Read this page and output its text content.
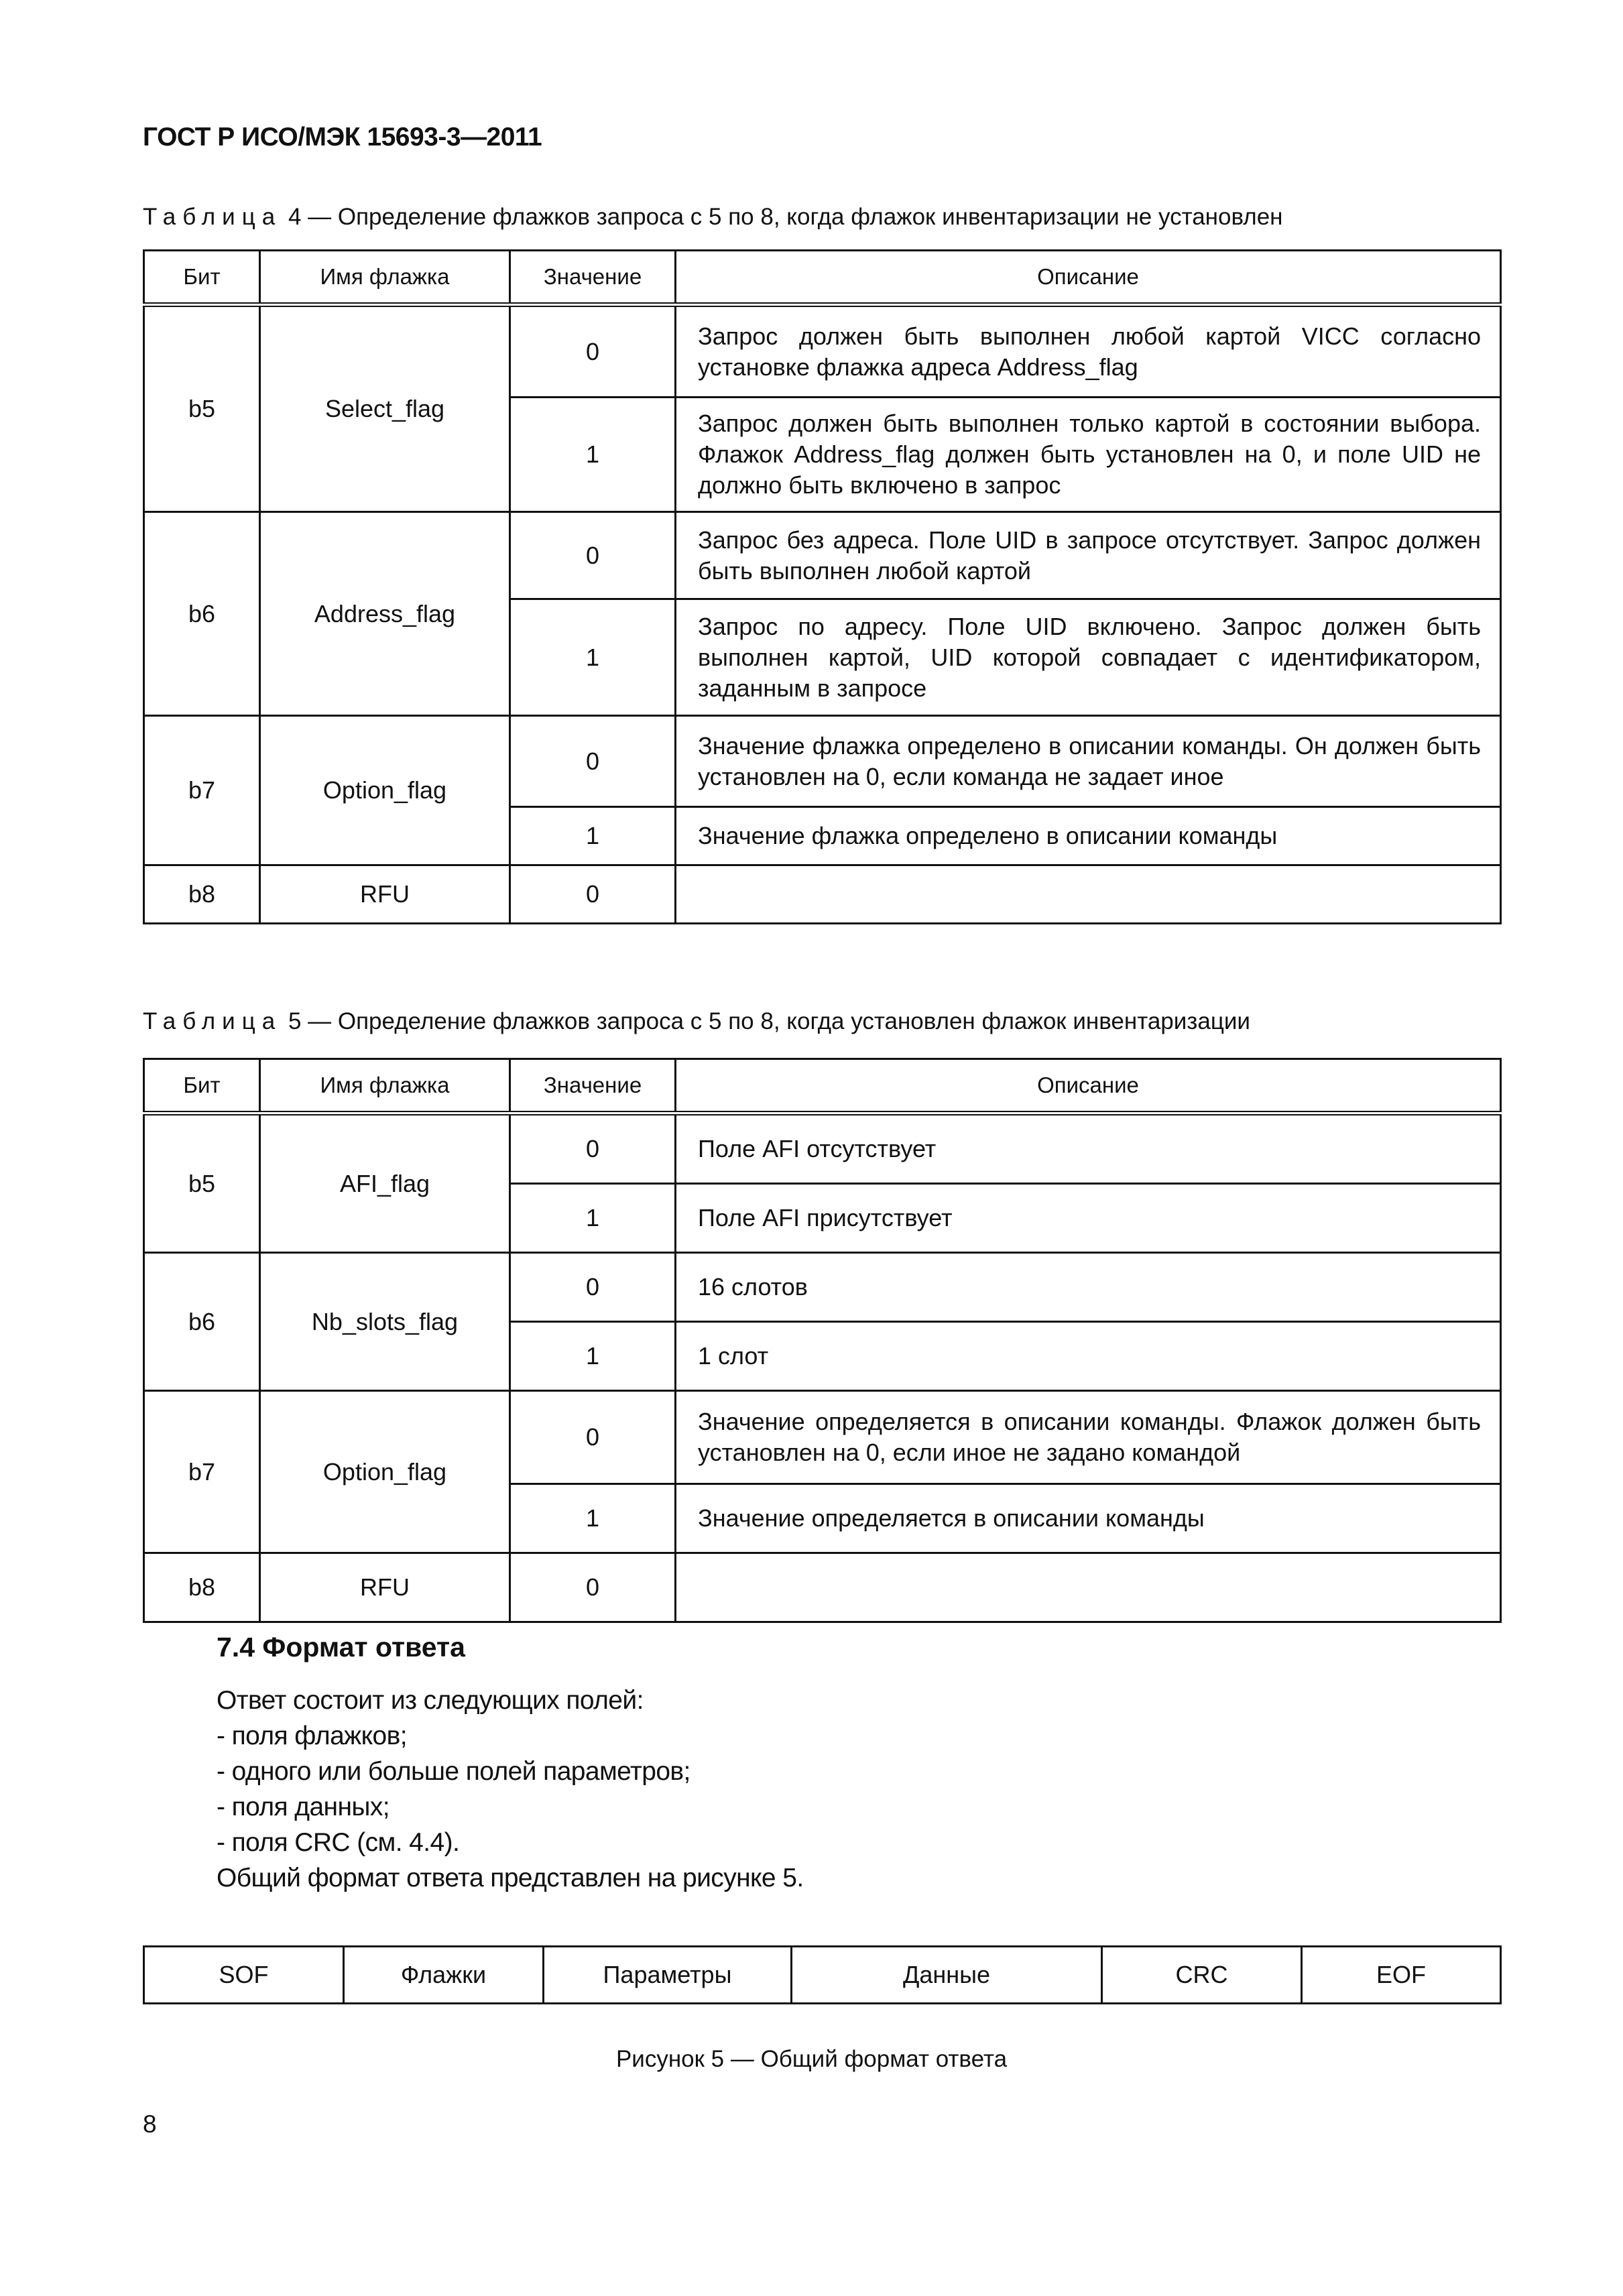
ГОСТ Р ИСО/МЭК 15693-3—2011
Таблица 4 — Определение флажков запроса с 5 по 8, когда флажок инвентаризации не установлен
Бит	Имя флажка	Значение	Описание
b5	Select_flag	0	Запрос должен быть выполнен любой картой VICC согласно установке флажка адреса Address_flag
		1	Запрос должен быть выполнен только картой в состоянии выбора. Флажок Address_flag должен быть установлен на 0, и поле UID не должно быть включено в запрос
b6	Address_flag	0	Запрос без адреса. Поле UID в запросе отсутствует. Запрос должен быть выполнен любой картой
		1	Запрос по адресу. Поле UID включено. Запрос должен быть выполнен картой, UID которой совпадает с идентификатором, заданным в запросе
b7	Option_flag	0	Значение флажка определено в описании команды. Он должен быть установлен на 0, если команда не задает иное
		1	Значение флажка определено в описании команды
b8	RFU	0	
Таблица 5 — Определение флажков запроса с 5 по 8, когда установлен флажок инвентаризации
Бит	Имя флажка	Значение	Описание
b5	AFI_flag	0	Поле AFI отсутствует
		1	Поле AFI присутствует
b6	Nb_slots_flag	0	16 слотов
		1	1 слот
b7	Option_flag	0	Значение определяется в описании команды. Флажок должен быть установлен на 0, если иное не задано командой
		1	Значение определяется в описании команды
b8	RFU	0	
7.4 Формат ответа
Ответ состоит из следующих полей:
- поля флажков;
- одного или больше полей параметров;
- поля данных;
- поля CRC (см. 4.4).
Общий формат ответа представлен на рисунке 5.
SOF	Флажки	Параметры	Данные	CRC	EOF
Рисунок 5 — Общий формат ответа
8
